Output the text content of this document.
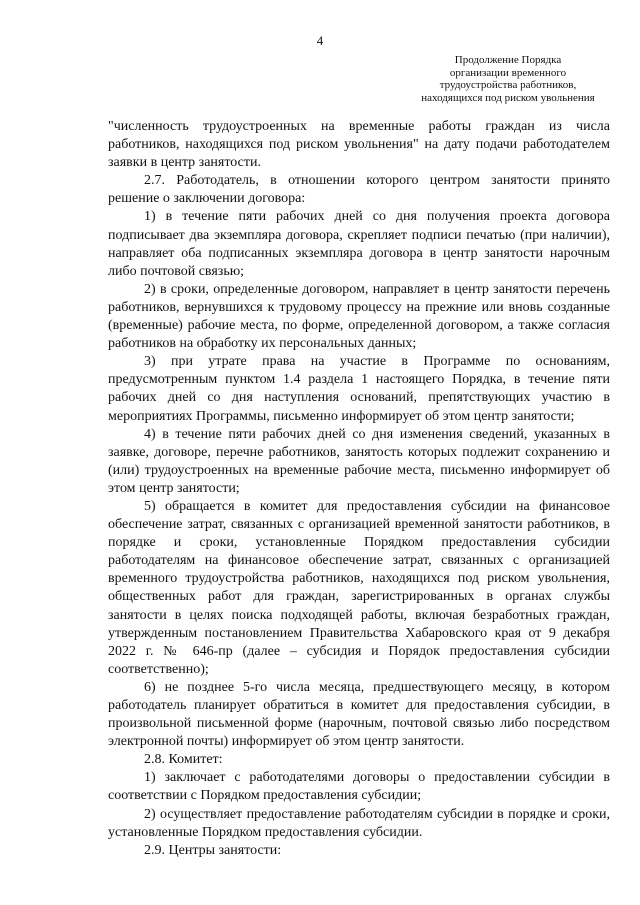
4
Продолжение Порядка
организации временного
трудоустройства работников,
находящихся под риском увольнения

"численность трудоустроенных на временные работы граждан из числа работников, находящихся под риском увольнения" на дату подачи работодателем заявки в центр занятости.

2.7. Работодатель, в отношении которого центром занятости принято решение о заключении договора:

1) в течение пяти рабочих дней со дня получения проекта договора подписывает два экземпляра договора, скрепляет подписи печатью (при наличии), направляет оба подписанных экземпляра договора в центр занятости нарочным либо почтовой связью;

2) в сроки, определенные договором, направляет в центр занятости перечень работников, вернувшихся к трудовому процессу на прежние или вновь созданные (временные) рабочие места, по форме, определенной договором, а также согласия работников на обработку их персональных данных;

3) при утрате права на участие в Программе по основаниям, предусмотренным пунктом 1.4 раздела 1 настоящего Порядка, в течение пяти рабочих дней со дня наступления оснований, препятствующих участию в мероприятиях Программы, письменно информирует об этом центр занятости;

4) в течение пяти рабочих дней со дня изменения сведений, указанных в заявке, договоре, перечне работников, занятость которых подлежит сохранению и (или) трудоустроенных на временные рабочие места, письменно информирует об этом центр занятости;

5) обращается в комитет для предоставления субсидии на финансовое обеспечение затрат, связанных с организацией временной занятости работников, в порядке и сроки, установленные Порядком предоставления субсидии работодателям на финансовое обеспечение затрат, связанных с организацией временного трудоустройства работников, находящихся под риском увольнения, общественных работ для граждан, зарегистрированных в органах службы занятости в целях поиска подходящей работы, включая безработных граждан, утвержденным постановлением Правительства Хабаровского края от 9 декабря 2022 г. № 646-пр (далее – субсидия и Порядок предоставления субсидии соответственно);

6) не позднее 5-го числа месяца, предшествующего месяцу, в котором работодатель планирует обратиться в комитет для предоставления субсидии, в произвольной письменной форме (нарочным, почтовой связью либо посредством электронной почты) информирует об этом центр занятости.

2.8. Комитет:

1) заключает с работодателями договоры о предоставлении субсидии в соответствии с Порядком предоставления субсидии;

2) осуществляет предоставление работодателям субсидии в порядке и сроки, установленные Порядком предоставления субсидии.

2.9. Центры занятости:
